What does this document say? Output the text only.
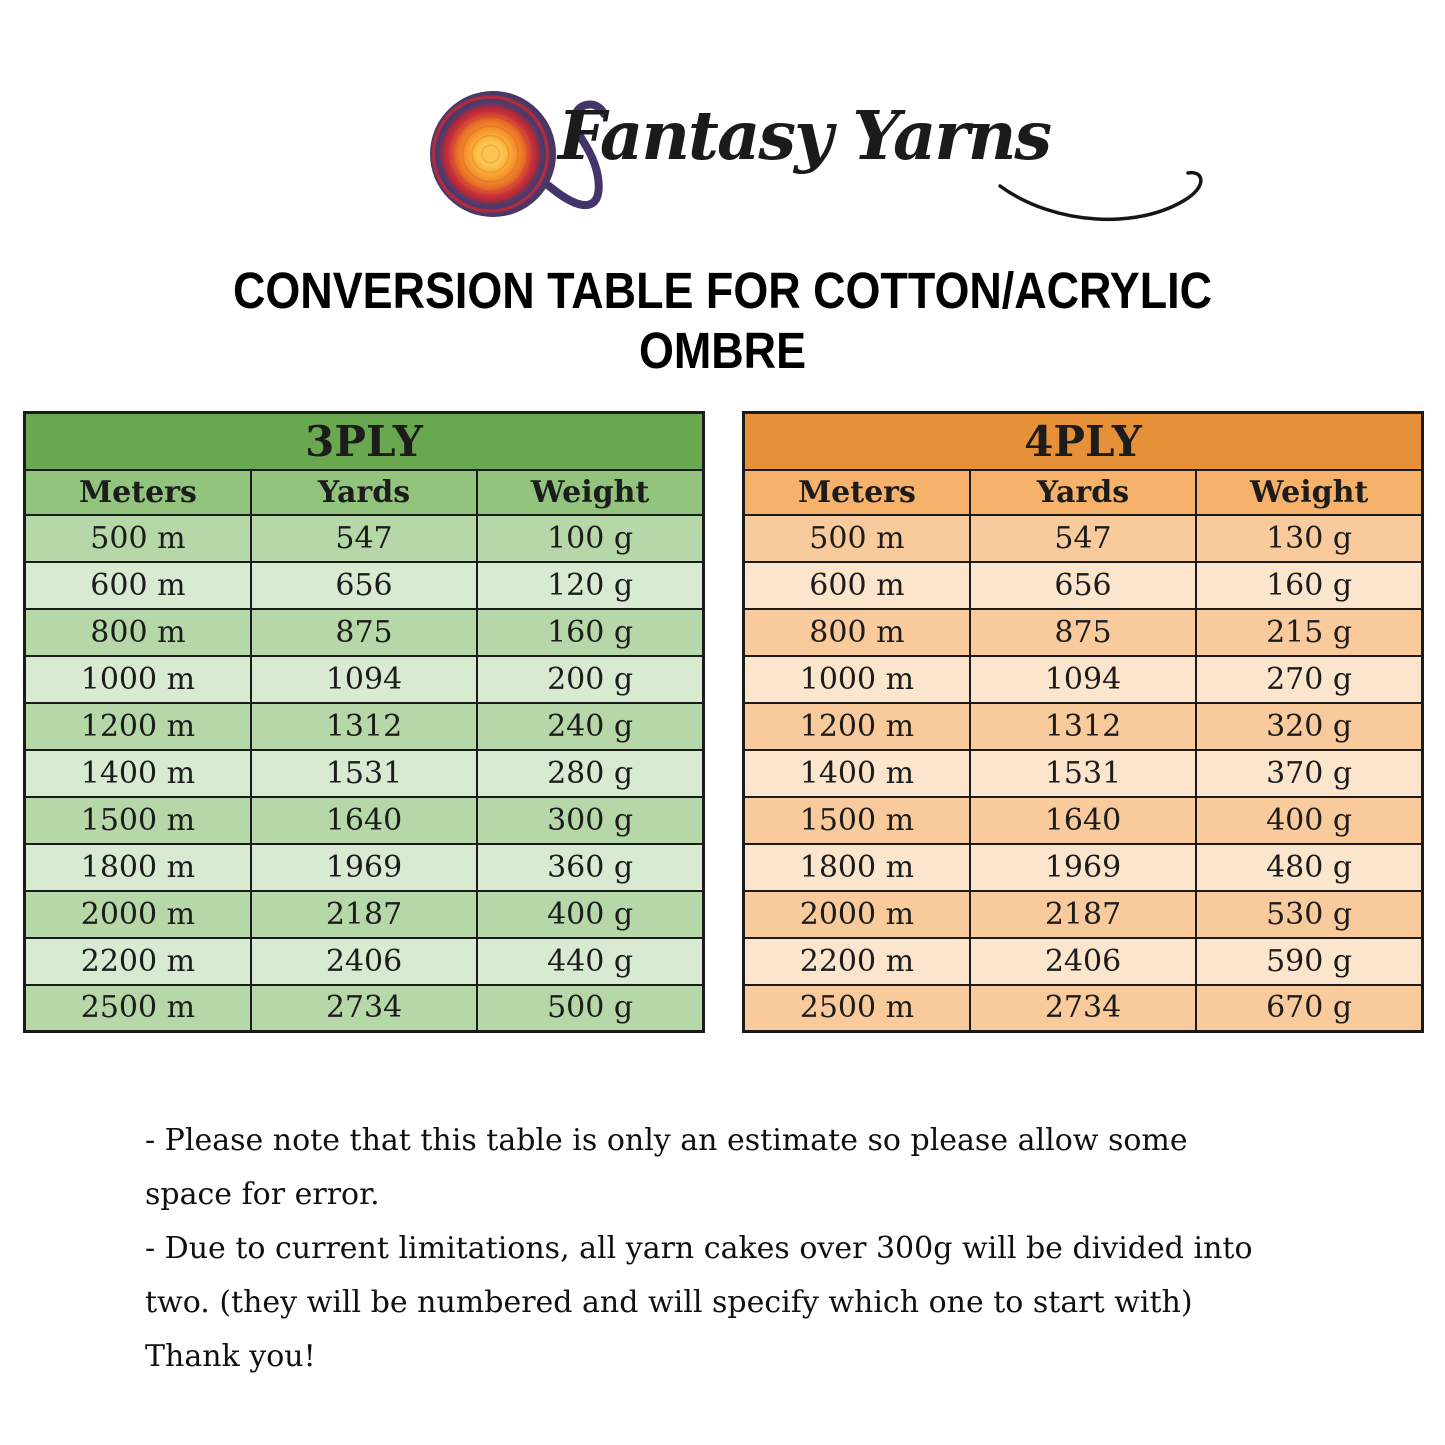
Fantasy Yarns
CONVERSION TABLE FOR COTTON/ACRYLIC
OMBRE
3PLY		
Meters	Yards	Weight
500 m	547	100 g
600 m	656	120 g
800 m	875	160 g
1000 m	1094	200 g
1200 m	1312	240 g
1400 m	1531	280 g
1500 m	1640	300 g
1800 m	1969	360 g
2000 m	2187	400 g
2200 m	2406	440 g
2500 m	2734	500 g
4PLY		
Meters	Yards	Weight
500 m	547	130 g
600 m	656	160 g
800 m	875	215 g
1000 m	1094	270 g
1200 m	1312	320 g
1400 m	1531	370 g
1500 m	1640	400 g
1800 m	1969	480 g
2000 m	2187	530 g
2200 m	2406	590 g
2500 m	2734	670 g
- Please note that this table is only an estimate so please allow some
space for error.
- Due to current limitations, all yarn cakes over 300g will be divided into
two. (they will be numbered and will specify which one to start with)
Thank you!
